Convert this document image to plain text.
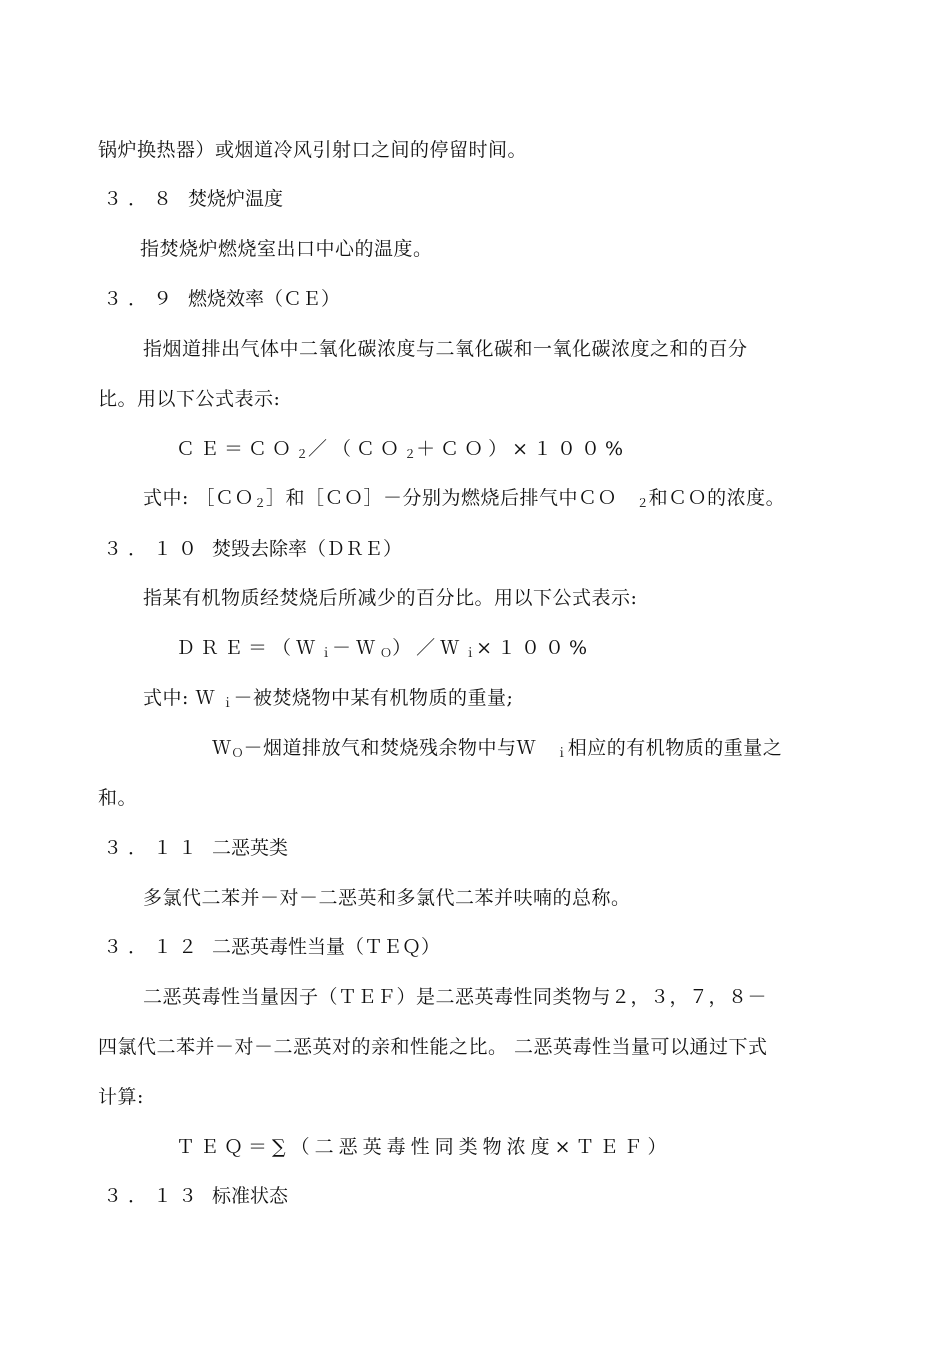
锅炉换热器）或烟道冷风引射口之间的停留时间。
３．８ 焚烧炉温度
指焚烧炉燃烧室出口中心的温度。
３．９ 燃烧效率（ＣＥ）
指烟道排出气体中二氧化碳浓度与二氧化碳和一氧化碳浓度之和的百分
比。用以下公式表示:
ＣＥ＝ＣＯ$_2$／（ＣＯ$_2$＋ＣＯ）×１００%
式中: ［ＣＯ$_2$］和［ＣＯ］－分别为燃烧后排气中ＣＯ $_2$和ＣＯ的浓度。
３．１０ 焚毁去除率（ＤＲＥ）
指某有机物质经焚烧后所减少的百分比。用以下公式表示:
ＤＲＥ＝（Ｗ$_i$－Ｗ$_O$）／Ｗ$_i$×１００%
式中: Ｗ $_i$－被焚烧物中某有机物质的重量;
Ｗ$_O$－烟道排放气和焚烧残余物中与Ｗ $_i$相应的有机物质的重量之
和。
３．１１ 二恶英类
多氯代二苯并－对－二恶英和多氯代二苯并呋喃的总称。
３．１２ 二恶英毒性当量（ＴＥＱ）
二恶英毒性当量因子（ＴＥＦ）是二恶英毒性同类物与２，３，７，８－
四氯代二苯并－对－二恶英对的亲和性能之比。 二恶英毒性当量可以通过下式
计算:
ＴＥＱ＝∑（二恶英毒性同类物浓度×ＴＥＦ）
３．１３ 标准状态
